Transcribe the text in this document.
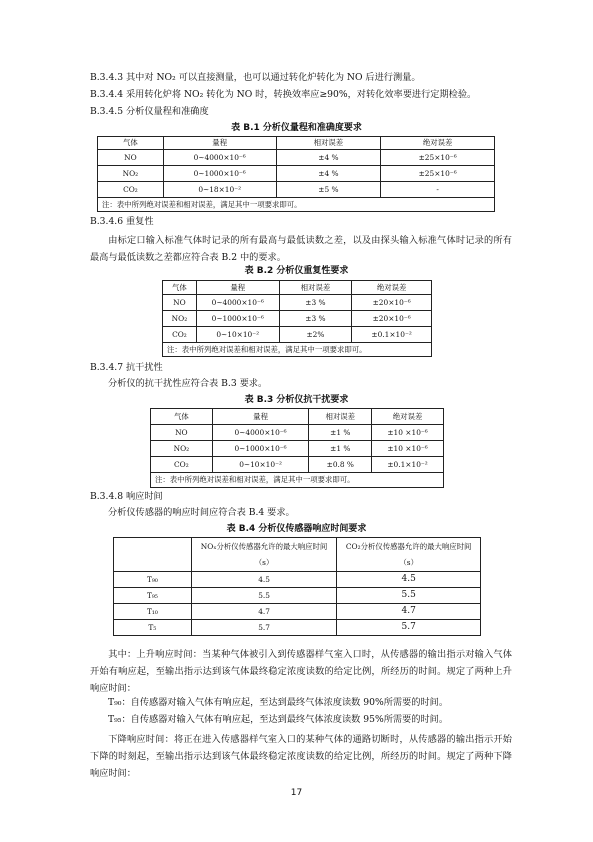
B.3.4.3 其中对 NO₂ 可以直接测量，也可以通过转化炉转化为 NO 后进行测量。
B.3.4.4 采用转化炉将 NO₂ 转化为 NO 时，转换效率应≥90%，对转化效率要进行定期检验。
B.3.4.5 分析仪量程和准确度
表 B.1 分析仪量程和准确度要求
气体	量程	相对误差	绝对误差
NO	0~4000×10⁻⁶	±4 %	±25×10⁻⁶
NO₂	0~1000×10⁻⁶	±4 %	±25×10⁻⁶
CO₂	0~18×10⁻²	±5 %	-
注：表中所列绝对误差和相对误差，满足其中一项要求即可。			
B.3.4.6 重复性
由标定口输入标准气体时记录的所有最高与最低读数之差，以及由探头输入标准气体时记录的所有最高与最低读数之差都应符合表 B.2 中的要求。
表 B.2 分析仪重复性要求
气体	量程	相对误差	绝对误差
NO	0~4000×10⁻⁶	±3 %	±20×10⁻⁶
NO₂	0~1000×10⁻⁶	±3 %	±20×10⁻⁶
CO₂	0~10×10⁻²	±2%	±0.1×10⁻²
注：表中所列绝对误差和相对误差，满足其中一项要求即可。			
B.3.4.7 抗干扰性
分析仪的抗干扰性应符合表 B.3 要求。
表 B.3 分析仪抗干扰要求
气体	量程	相对误差	绝对误差
NO	0~4000×10⁻⁶	±1 %	±10 ×10⁻⁶
NO₂	0~1000×10⁻⁶	±1 %	±10 ×10⁻⁶
CO₂	0~10×10⁻²	±0.8 %	±0.1×10⁻²
注：表中所列绝对误差和相对误差，满足其中一项要求即可。			
B.3.4.8 响应时间
分析仪传感器的响应时间应符合表 B.4 要求。
表 B.4 分析仪传感器响应时间要求
	NOₓ分析仪传感器允许的最大响应时间（s）	CO₂分析仪传感器允许的最大响应时间（s）
T₉₀	4.5	4.5
T₉₅	5.5	5.5
T₁₀	4.7	4.7
T₅	5.7	5.7
其中：上升响应时间：当某种气体被引入到传感器样气室入口时，从传感器的输出指示对输入气体开始有响应起，至输出指示达到该气体最终稳定浓度读数的给定比例，所经历的时间。规定了两种上升响应时间：
T₉₀：自传感器对输入气体有响应起，至达到最终气体浓度读数 90%所需要的时间。
T₉₅：自传感器对输入气体有响应起，至达到最终气体浓度读数 95%所需要的时间。
下降响应时间：将正在进入传感器样气室入口的某种气体的通路切断时，从传感器的输出指示开始下降的时刻起，至输出指示达到该气体最终稳定浓度读数的给定比例，所经历的时间。规定了两种下降响应时间：
17
